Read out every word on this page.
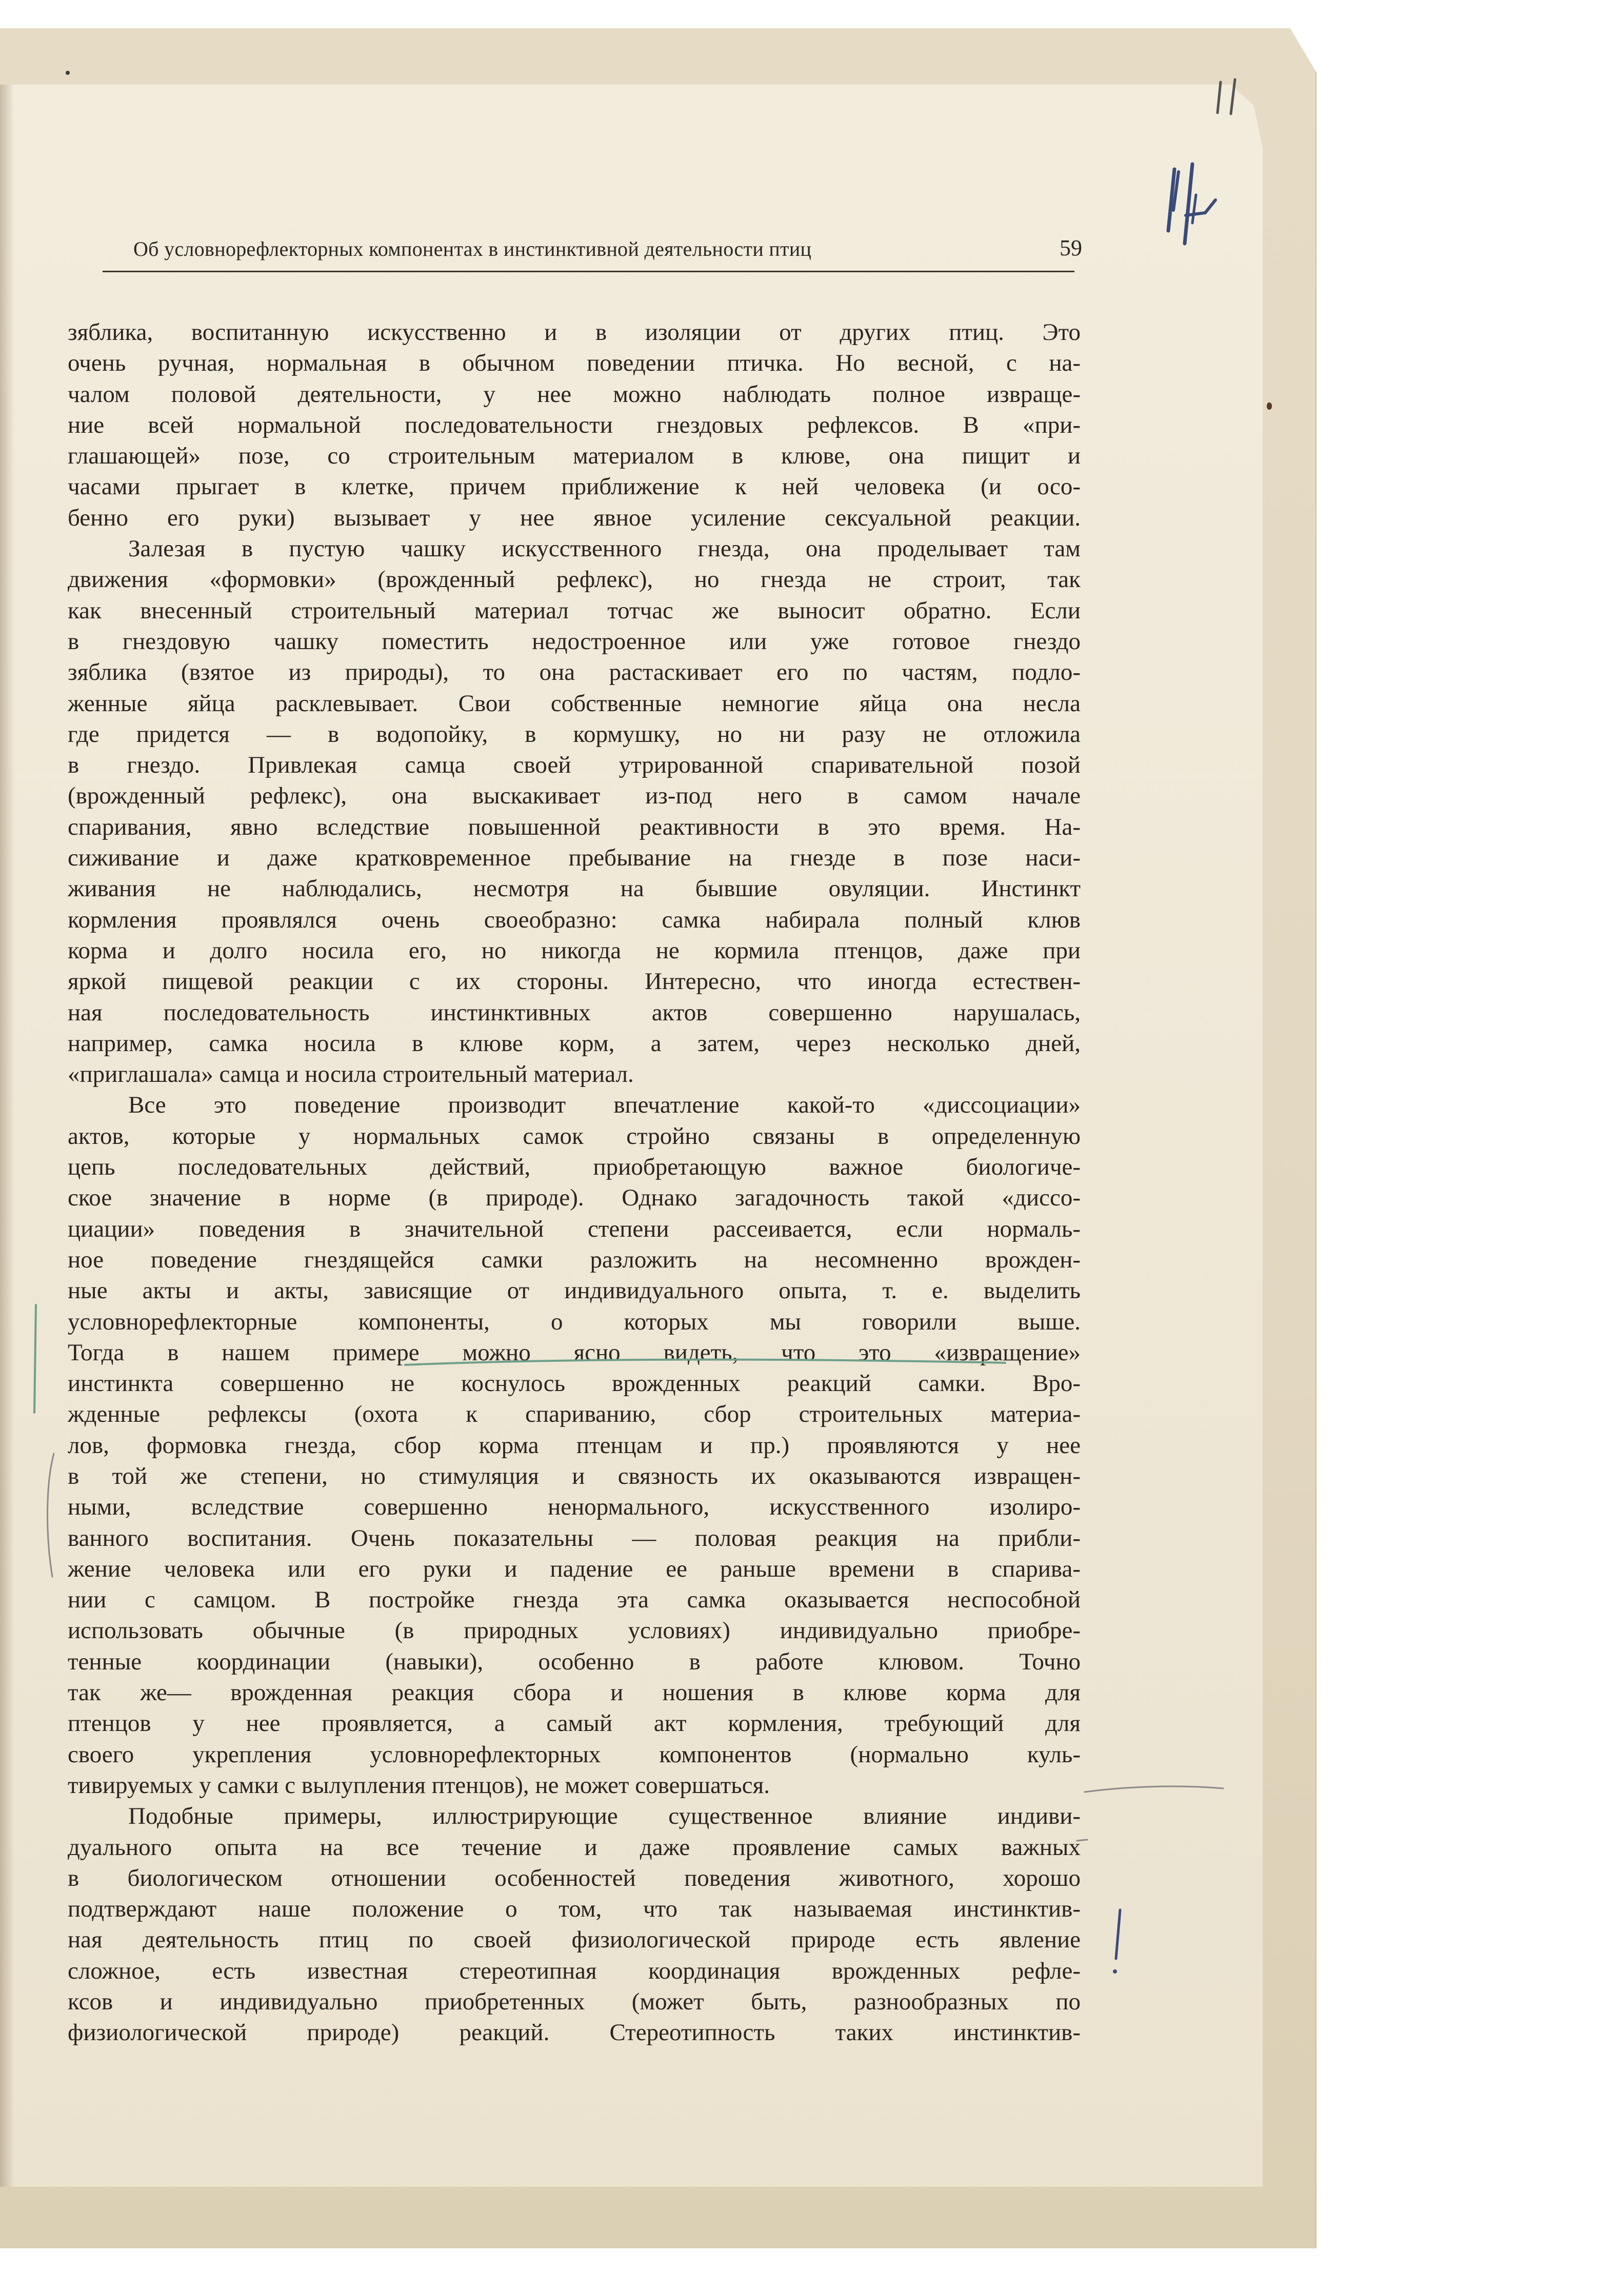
Об условнорефлекторных компонентах в инстинктивной деятельности птиц	59
зяблика, воспитанную искусственно и в изоляции от других птиц. Это
очень ручная, нормальная в обычном поведении птичка. Но весной, с на-
чалом половой деятельности, у нее можно наблюдать полное извраще-
ние всей нормальной последовательности гнездовых рефлексов. В «при-
глашающей» позе, со строительным материалом в клюве, она пищит и
часами прыгает в клетке, причем приближение к ней человека (и осо-
бенно его руки) вызывает у нее явное усиление сексуальной реакции.
Залезая в пустую чашку искусственного гнезда, она проделывает там
движения «формовки» (врожденный рефлекс), но гнезда не строит, так
как внесенный строительный материал тотчас же выносит обратно. Если
в гнездовую чашку поместить недостроенное или уже готовое гнездо
зяблика (взятое из природы), то она растаскивает его по частям, подло-
женные яйца расклевывает. Свои собственные немногие яйца она несла
где придется — в водопойку, в кормушку, но ни разу не отложила
в гнездо. Привлекая самца своей утрированной спаривательной позой
(врожденный рефлекс), она выскакивает из-под него в самом начале
спаривания, явно вследствие повышенной реактивности в это время. На-
сиживание и даже кратковременное пребывание на гнезде в позе наси-
живания не наблюдались, несмотря на бывшие овуляции. Инстинкт
кормления проявлялся очень своеобразно: самка набирала полный клюв
корма и долго носила его, но никогда не кормила птенцов, даже при
яркой пищевой реакции с их стороны. Интересно, что иногда естествен-
ная последовательность инстинктивных актов совершенно нарушалась,
например, самка носила в клюве корм, а затем, через несколько дней,
«приглашала» самца и носила строительный материал.
Все это поведение производит впечатление какой-то «диссоциации»
актов, которые у нормальных самок стройно связаны в определенную
цепь последовательных действий, приобретающую важное биологиче-
ское значение в норме (в природе). Однако загадочность такой «диссо-
циации» поведения в значительной степени рассеивается, если нормаль-
ное поведение гнездящейся самки разложить на несомненно врожден-
ные акты и акты, зависящие от индивидуального опыта, т. е. выделить
условнорефлекторные компоненты, о которых мы говорили выше.
Тогда в нашем примере можно ясно видеть, что это «извращение»
инстинкта совершенно не коснулось врожденных реакций самки. Вро-
жденные рефлексы (охота к спариванию, сбор строительных материа-
лов, формовка гнезда, сбор корма птенцам и пр.) проявляются у нее
в той же степени, но стимуляция и связность их оказываются извращен-
ными, вследствие совершенно ненормального, искусственного изолиро-
ванного воспитания. Очень показательны — половая реакция на прибли-
жение человека или его руки и падение ее раньше времени в спарива-
нии с самцом. В постройке гнезда эта самка оказывается неспособной
использовать обычные (в природных условиях) индивидуально приобре-
тенные координации (навыки), особенно в работе клювом. Точно
так же— врожденная реакция сбора и ношения в клюве корма для
птенцов у нее проявляется, а самый акт кормления, требующий для
своего укрепления условнорефлекторных компонентов (нормально куль-
тивируемых у самки с вылупления птенцов), не может совершаться.
Подобные примеры, иллюстрирующие существенное влияние индиви-
дуального опыта на все течение и даже проявление самых важных
в биологическом отношении особенностей поведения животного, хорошо
подтверждают наше положение о том, что так называемая инстинктив-
ная деятельность птиц по своей физиологической природе есть явление
сложное, есть известная стереотипная координация врожденных рефле-
ксов и индивидуально приобретенных (может быть, разнообразных по
физиологической природе) реакций. Стереотипность таких инстинктив-
